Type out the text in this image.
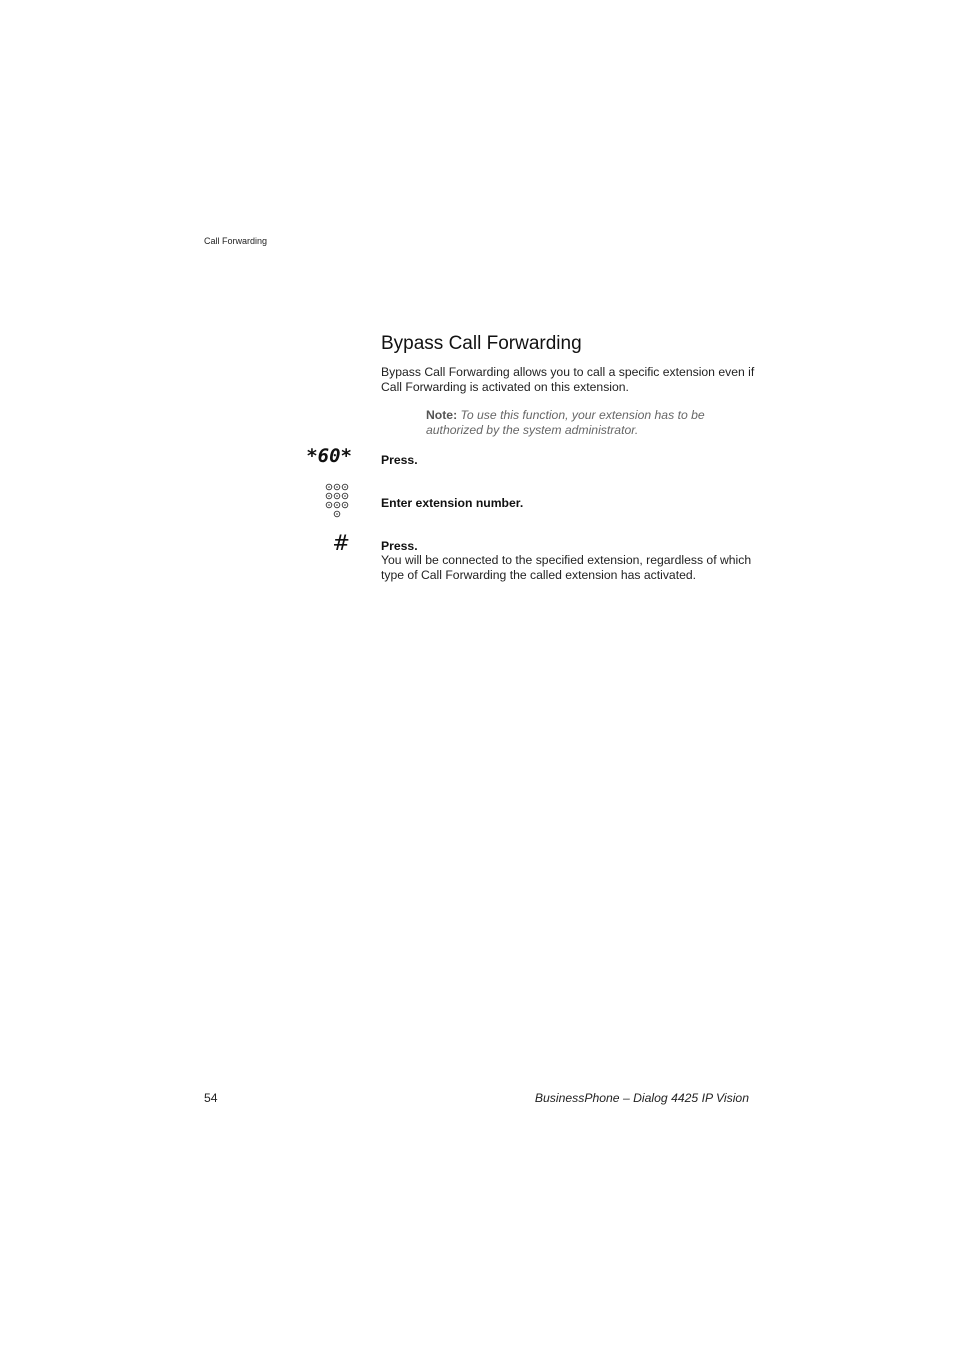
Call Forwarding
Bypass Call Forwarding

Bypass Call Forwarding allows you to call a specific extension even if Call Forwarding is activated on this extension.

Note: To use this function, your extension has to be authorized by the system administrator.

*60* Press.
Enter extension number.
#	Press.

You will be connected to the specified extension, regardless of which type of Call Forwarding the called extension has activated.

54	BusinessPhone – Dialog 4425 IP Vision
